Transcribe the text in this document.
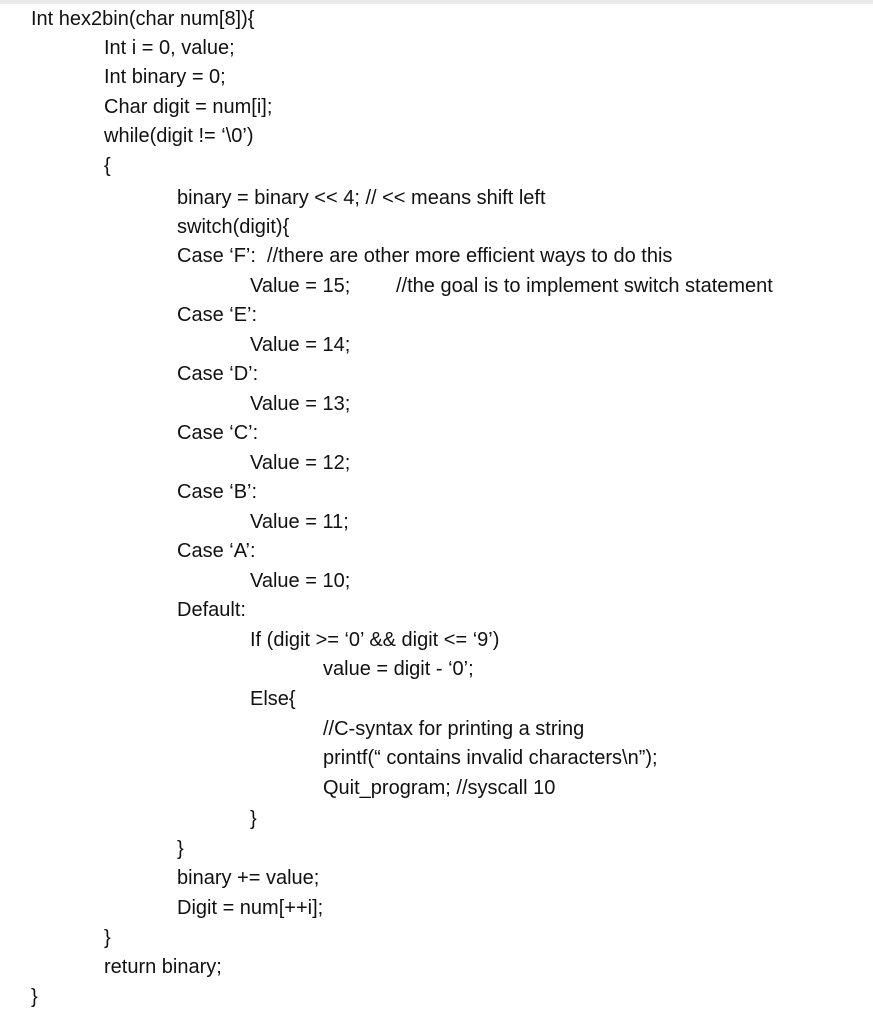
Int hex2bin(char num[8]){
Int i = 0, value;
Int binary = 0;
Char digit = num[i];
while(digit != ‘\0’)
{
binary = binary << 4; // << means shift left
switch(digit){
Case ‘F’:  //there are other more efficient ways to do this
Value = 15; //the goal is to implement switch statement
Case ‘E’:
Value = 14;
Case ‘D’:
Value = 13;
Case ‘C’:
Value = 12;
Case ‘B’:
Value = 11;
Case ‘A’:
Value = 10;
Default:
If (digit >= ‘0’ && digit <= ‘9’)
value = digit - ‘0’;
Else{
//C-syntax for printing a string
printf(“ contains invalid characters\n”);
Quit_program; //syscall 10
}
}
binary += value;
Digit = num[++i];
}
return binary;
}
